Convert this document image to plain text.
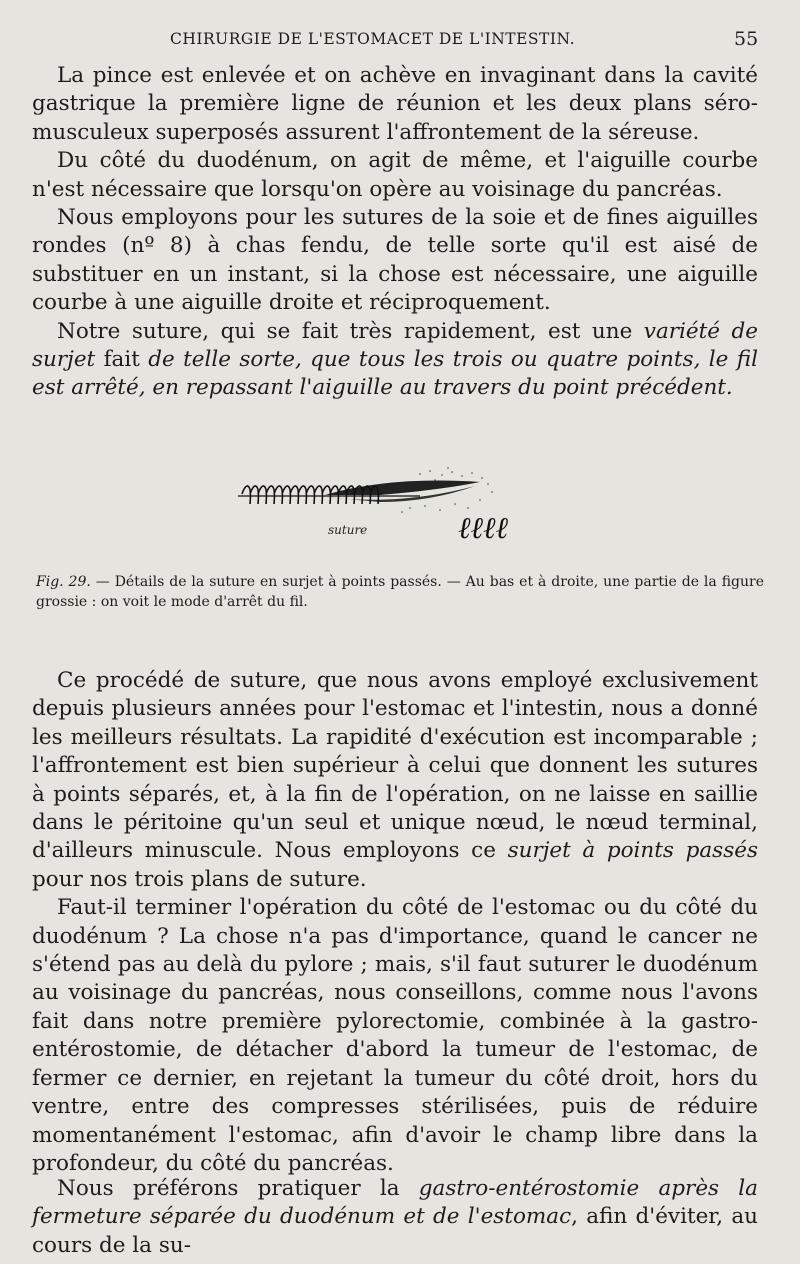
CHIRURGIE DE L'ESTOMACET DE L'INTESTIN.	55

La pince est enlevée et on achève en invaginant dans la cavité gastrique la première ligne de réunion et les deux plans séro-musculeux superposés assurent l'affrontement de la séreuse.

Du côté du duodénum, on agit de même, et l'aiguille courbe n'est nécessaire que lorsqu'on opère au voisinage du pancréas.

Nous employons pour les sutures de la soie et de fines aiguilles rondes (nº 8) à chas fendu, de telle sorte qu'il est aisé de substituer en un instant, si la chose est nécessaire, une aiguille courbe à une aiguille droite et réciproquement.

Notre suture, qui se fait très rapidement, est une variété de surjet fait de telle sorte, que tous les trois ou quatre points, le fil est arrêté, en repassant l'aiguille au travers du point précédent.

suture	ℓℓℓℓ
Fig. 29. — Détails de la suture en surjet à points passés. — Au bas et à droite, une partie de la figure grossie : on voit le mode d'arrêt du fil.

Ce procédé de suture, que nous avons employé exclusivement depuis plusieurs années pour l'estomac et l'intestin, nous a donné les meilleurs résultats. La rapidité d'exécution est incomparable ; l'affrontement est bien supérieur à celui que donnent les sutures à points séparés, et, à la fin de l'opération, on ne laisse en saillie dans le péritoine qu'un seul et unique nœud, le nœud terminal, d'ailleurs minuscule. Nous employons ce surjet à points passés pour nos trois plans de suture.

Faut-il terminer l'opération du côté de l'estomac ou du côté du duodénum ? La chose n'a pas d'importance, quand le cancer ne s'étend pas au delà du pylore ; mais, s'il faut suturer le duodénum au voisinage du pancréas, nous conseillons, comme nous l'avons fait dans notre première pylorectomie, combinée à la gastro-entérostomie, de détacher d'abord la tumeur de l'estomac, de fermer ce dernier, en rejetant la tumeur du côté droit, hors du ventre, entre des compresses stérilisées, puis de réduire momentanément l'estomac, afin d'avoir le champ libre dans la profondeur, du côté du pancréas.

Nous préférons pratiquer la gastro-entérostomie après la fermeture séparée du duodénum et de l'estomac, afin d'éviter, au cours de la su-
